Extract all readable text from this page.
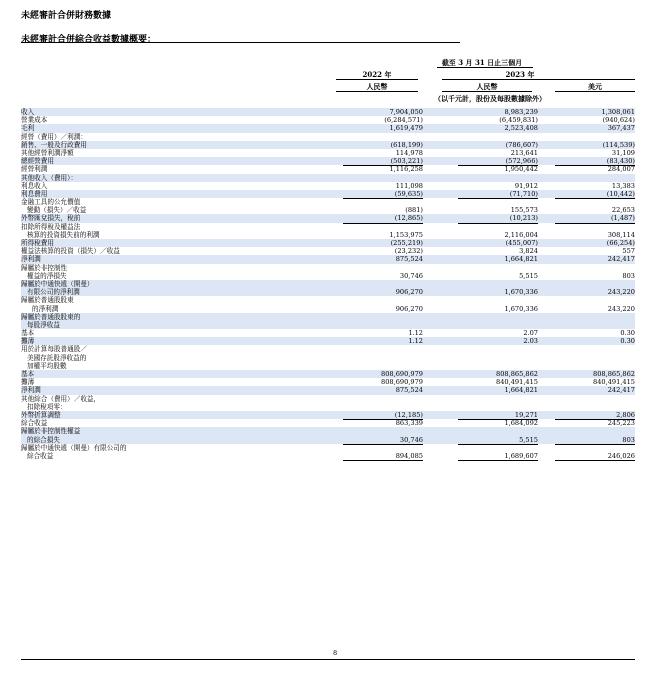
未經審計合併財務數據
未經審計合併綜合收益數據概要：
截至 3 月 31 日止三個月
2022 年	2023 年
人民幣	人民幣	美元
（以千元計，股份及每股數據除外）
收入	7,904,050	8,983,239	1,308,061
營業成本	(6,284,571)	(6,459,831)	(940,624)
毛利	1,619,479	2,523,408	367,437
經營（費用）／利潤：
銷售、一般及行政費用	(618,199)	(786,607)	(114,539)
其他經營利潤淨額	114,978	213,641	31,109
總經營費用	(503,221)	(572,966)	(83,430)
經營利潤	1,116,258	1,950,442	284,007
其他收入（費用）：
利息收入	111,098	91,912	13,383
利息費用	(59,635)	(71,710)	(10,442)
金融工具的公允價值
變動（損失）／收益	(881)	155,573	22,653
外幣匯兌損失，稅前	(12,865)	(10,213)	(1,487)
扣除所得稅及權益法
核算的投資損失前的利潤	1,153,975	2,116,004	308,114
所得稅費用	(255,219)	(455,007)	(66,254)
權益法核算的投資（損失）／收益	(23,232)	3,824	557
淨利潤	875,524	1,664,821	242,417
歸屬於非控制性
權益的淨損失	30,746	5,515	803
歸屬於中通快遞（開曼）
有限公司的淨利潤	906,270	1,670,336	243,220
歸屬於普通股股東
的淨利潤	906,270	1,670,336	243,220
歸屬於普通股股東的
每股淨收益
基本	1.12	2.07	0.30
攤薄	1.12	2.03	0.30
用於計算每股普通股／
美國存託股淨收益的
加權平均股數
基本	808,690,979	808,865,862	808,865,862
攤薄	808,690,979	840,491,415	840,491,415
淨利潤	875,524	1,664,821	242,417
其他綜合（費用）／收益，
扣除稅項零：
外幣折算調整	(12,185)	19,271	2,806
綜合收益	863,339	1,684,092	245,223
歸屬於非控制性權益
的綜合損失	30,746	5,515	803
歸屬於中通快遞（開曼）有限公司的
綜合收益	894,085	1,689,607	246,026
8
